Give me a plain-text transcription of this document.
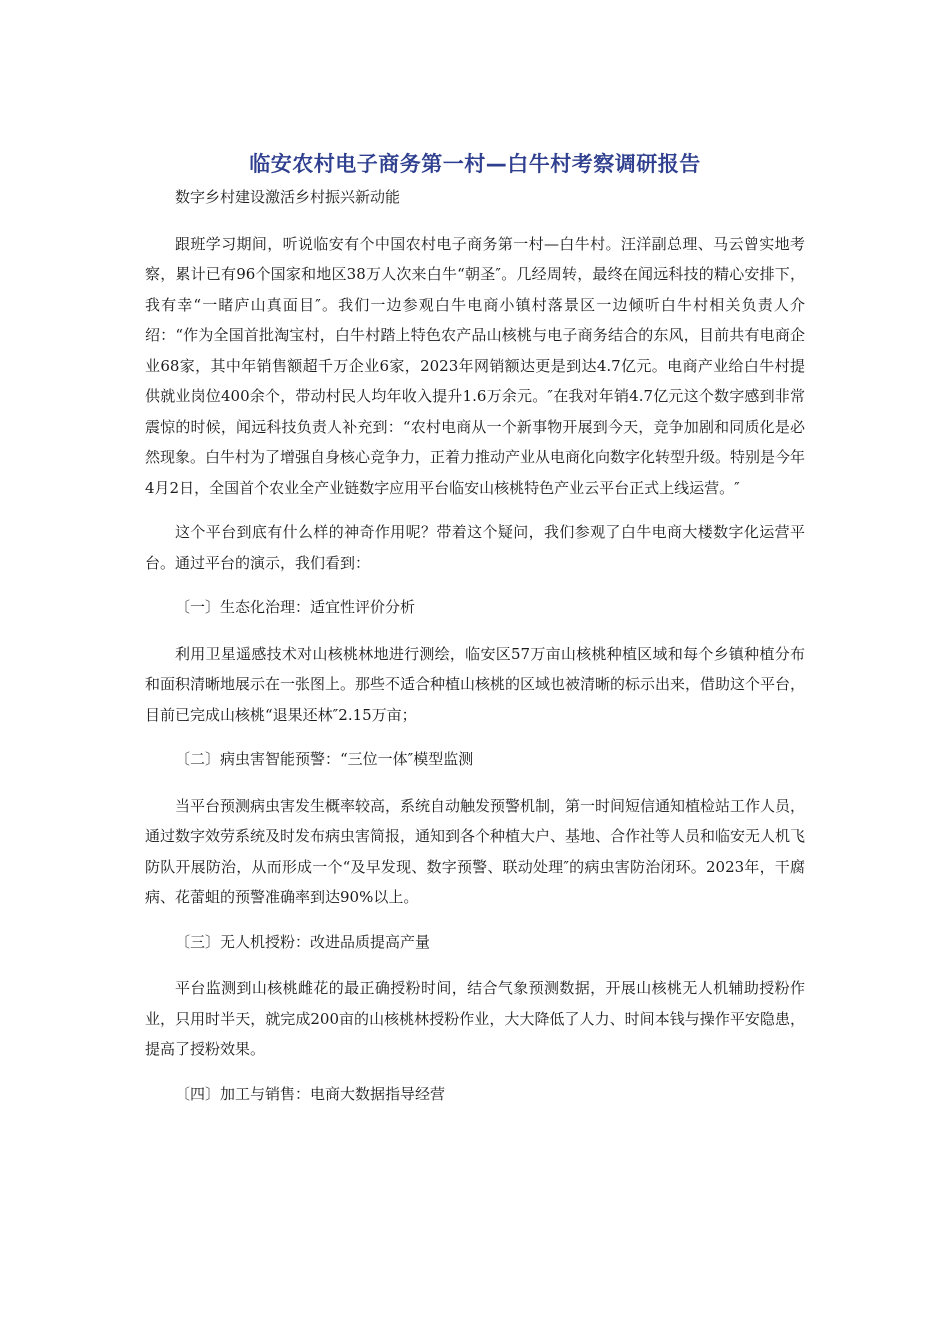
临安农村电子商务第一村—白牛村考察调研报告

数字乡村建设激活乡村振兴新动能

跟班学习期间，听说临安有个中国农村电子商务第一村—白牛村。汪洋副总理、马云曾实地考察，累计已有96个国家和地区38万人次来白牛“朝圣″。几经周转，最终在闻远科技的精心安排下，我有幸“一睹庐山真面目″。我们一边参观白牛电商小镇村落景区一边倾听白牛村相关负责人介绍：“作为全国首批淘宝村，白牛村踏上特色农产品山核桃与电子商务结合的东风，目前共有电商企业68家，其中年销售额超千万企业6家，2023年网销额达更是到达4.7亿元。电商产业给白牛村提供就业岗位400余个，带动村民人均年收入提升1.6万余元。″在我对年销4.7亿元这个数字感到非常震惊的时候，闻远科技负责人补充到：“农村电商从一个新事物开展到今天，竞争加剧和同质化是必然现象。白牛村为了增强自身核心竞争力，正着力推动产业从电商化向数字化转型升级。特别是今年4月2日，全国首个农业全产业链数字应用平台临安山核桃特色产业云平台正式上线运营。″

这个平台到底有什么样的神奇作用呢？带着这个疑问，我们参观了白牛电商大楼数字化运营平台。通过平台的演示，我们看到：

〔一〕生态化治理：适宜性评价分析

利用卫星遥感技术对山核桃林地进行测绘，临安区57万亩山核桃种植区域和每个乡镇种植分布和面积清晰地展示在一张图上。那些不适合种植山核桃的区域也被清晰的标示出来，借助这个平台，目前已完成山核桃“退果还林″2.15万亩；

〔二〕病虫害智能预警：“三位一体″模型监测

当平台预测病虫害发生概率较高，系统自动触发预警机制，第一时间短信通知植检站工作人员，通过数字效劳系统及时发布病虫害简报，通知到各个种植大户、基地、合作社等人员和临安无人机飞防队开展防治，从而形成一个“及早发现、数字预警、联动处理″的病虫害防治闭环。2023年，干腐病、花蕾蛆的预警准确率到达90%以上。

〔三〕无人机授粉：改进品质提高产量

平台监测到山核桃雌花的最正确授粉时间，结合气象预测数据，开展山核桃无人机辅助授粉作业，只用时半天，就完成200亩的山核桃林授粉作业，大大降低了人力、时间本钱与操作平安隐患，提高了授粉效果。

〔四〕加工与销售：电商大数据指导经营
